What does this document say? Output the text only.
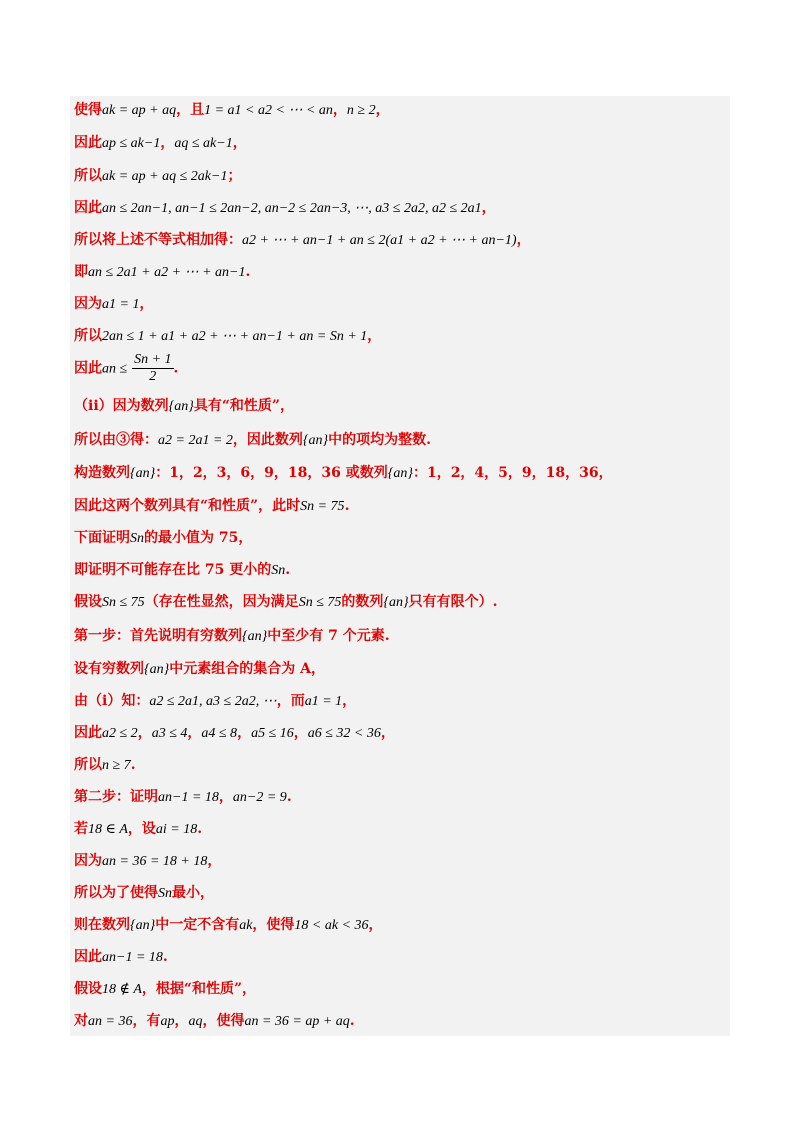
使得ak = ap + aq，且1 = a1 < a2 < ⋯ < an，n ≥ 2，
因此ap ≤ ak−1，aq ≤ ak−1，
所以ak = ap + aq ≤ 2ak−1；
因此an ≤ 2an−1, an−1 ≤ 2an−2, an−2 ≤ 2an−3, ⋯, a3 ≤ 2a2, a2 ≤ 2a1，
所以将上述不等式相加得：a2 + ⋯ + an−1 + an ≤ 2(a1 + a2 + ⋯ + an−1)，
即an ≤ 2a1 + a2 + ⋯ + an−1.
因为a1 = 1，
所以2an ≤ 1 + a1 + a2 + ⋯ + an−1 + an = Sn + 1，
因此an ≤ $\frac{Sn + 1}{2}$ .
（ii）因为数列{an}具有“和性质”，
所以由③得：a2 = 2a1 = 2，因此数列{an}中的项均为整数.
构造数列{an}：1，2，3，6，9，18，36 或数列{an}：1，2，4，5，9，18，36，
因此这两个数列具有“和性质”，此时Sn = 75.
下面证明Sn的最小值为 75，
即证明不可能存在比 75 更小的Sn.
假设Sn ≤ 75（存在性显然，因为满足Sn ≤ 75的数列{an}只有有限个）.
第一步：首先说明有穷数列{an}中至少有 7 个元素.
设有穷数列{an}中元素组合的集合为 A，
由（i）知：a2 ≤ 2a1, a3 ≤ 2a2, ⋯，而a1 = 1，
因此a2 ≤ 2，a3 ≤ 4，a4 ≤ 8，a5 ≤ 16，a6 ≤ 32 < 36，
所以n ≥ 7.
第二步：证明an−1 = 18，an−2 = 9.
若18 ∈ A，设ai = 18.
因为an = 36 = 18 + 18，
所以为了使得Sn最小，
则在数列{an}中一定不含有ak，使得18 < ak < 36，
因此an−1 = 18.
假设18 ∉ A，根据“和性质”，
对an = 36，有ap，aq，使得an = 36 = ap + aq.
